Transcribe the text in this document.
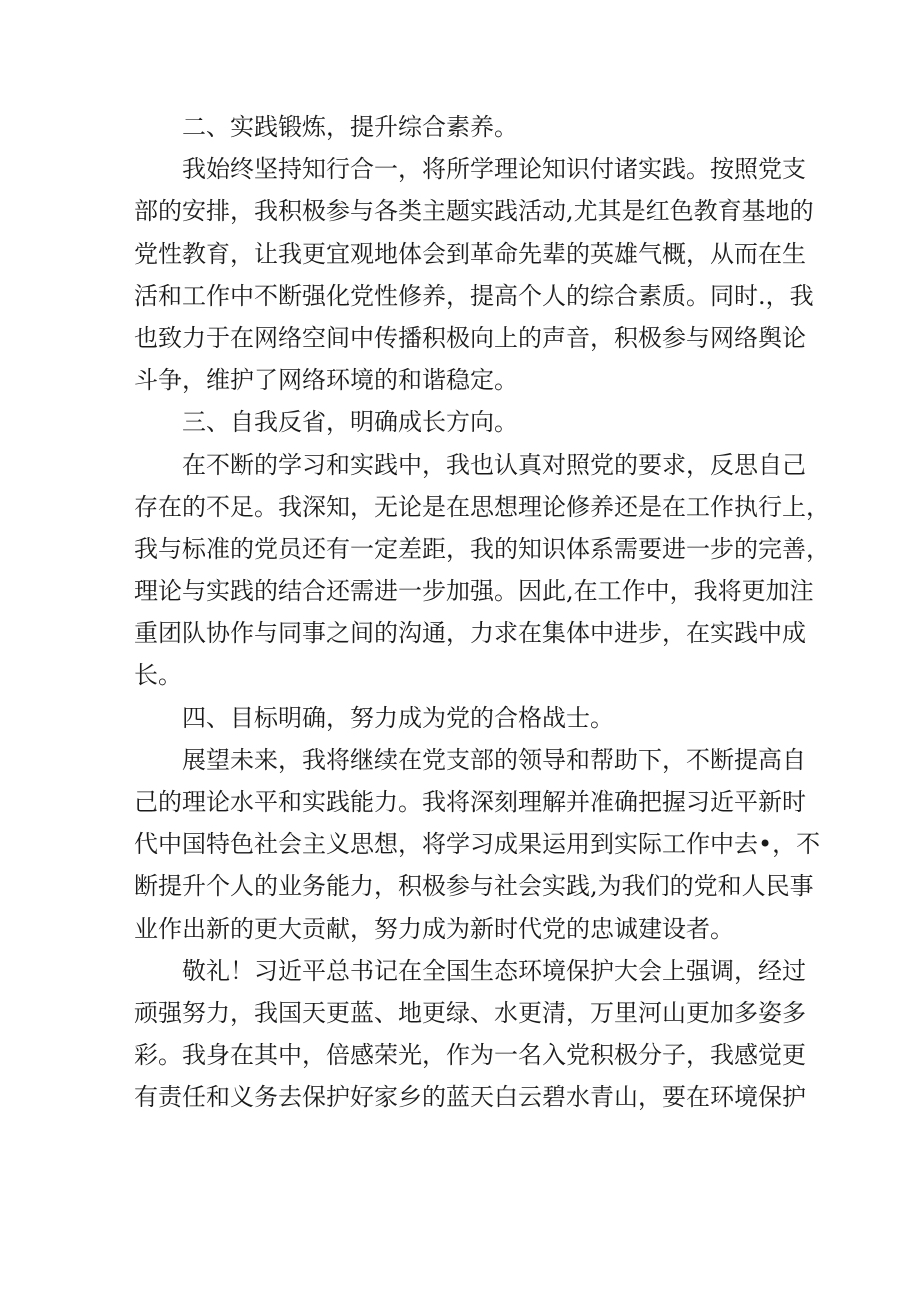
二、实践锻炼，提升综合素养。
我始终坚持知行合一，将所学理论知识付诸实践。按照党支
部的安排，我积极参与各类主题实践活动,尤其是红色教育基地的
党性教育，让我更宜观地体会到革命先辈的英雄气概，从而在生
活和工作中不断强化党性修养，提高个人的综合素质。同时.，我
也致力于在网络空间中传播积极向上的声音，积极参与网络舆论
斗争，维护了网络环境的和谐稳定。
三、自我反省，明确成长方向。
在不断的学习和实践中，我也认真对照党的要求，反思自己
存在的不足。我深知，无论是在思想理论修养还是在工作执行上，
我与标准的党员还有一定差距，我的知识体系需要进一步的完善，
理论与实践的结合还需进一步加强。因此,在工作中，我将更加注
重团队协作与同事之间的沟通，力求在集体中进步，在实践中成
长。
四、目标明确，努力成为党的合格战士。
展望未来，我将继续在党支部的领导和帮助下，不断提高自
己的理论水平和实践能力。我将深刻理解并准确把握习近平新时
代中国特色社会主义思想，将学习成果运用到实际工作中去•，不
断提升个人的业务能力，积极参与社会实践,为我们的党和人民事
业作出新的更大贡献，努力成为新时代党的忠诚建设者。
敬礼！习近平总书记在全国生态环境保护大会上强调，经过
顽强努力，我国天更蓝、地更绿、水更清，万里河山更加多姿多
彩。我身在其中，倍感荣光，作为一名入党积极分子，我感觉更
有责任和义务去保护好家乡的蓝天白云碧水青山，要在环境保护
